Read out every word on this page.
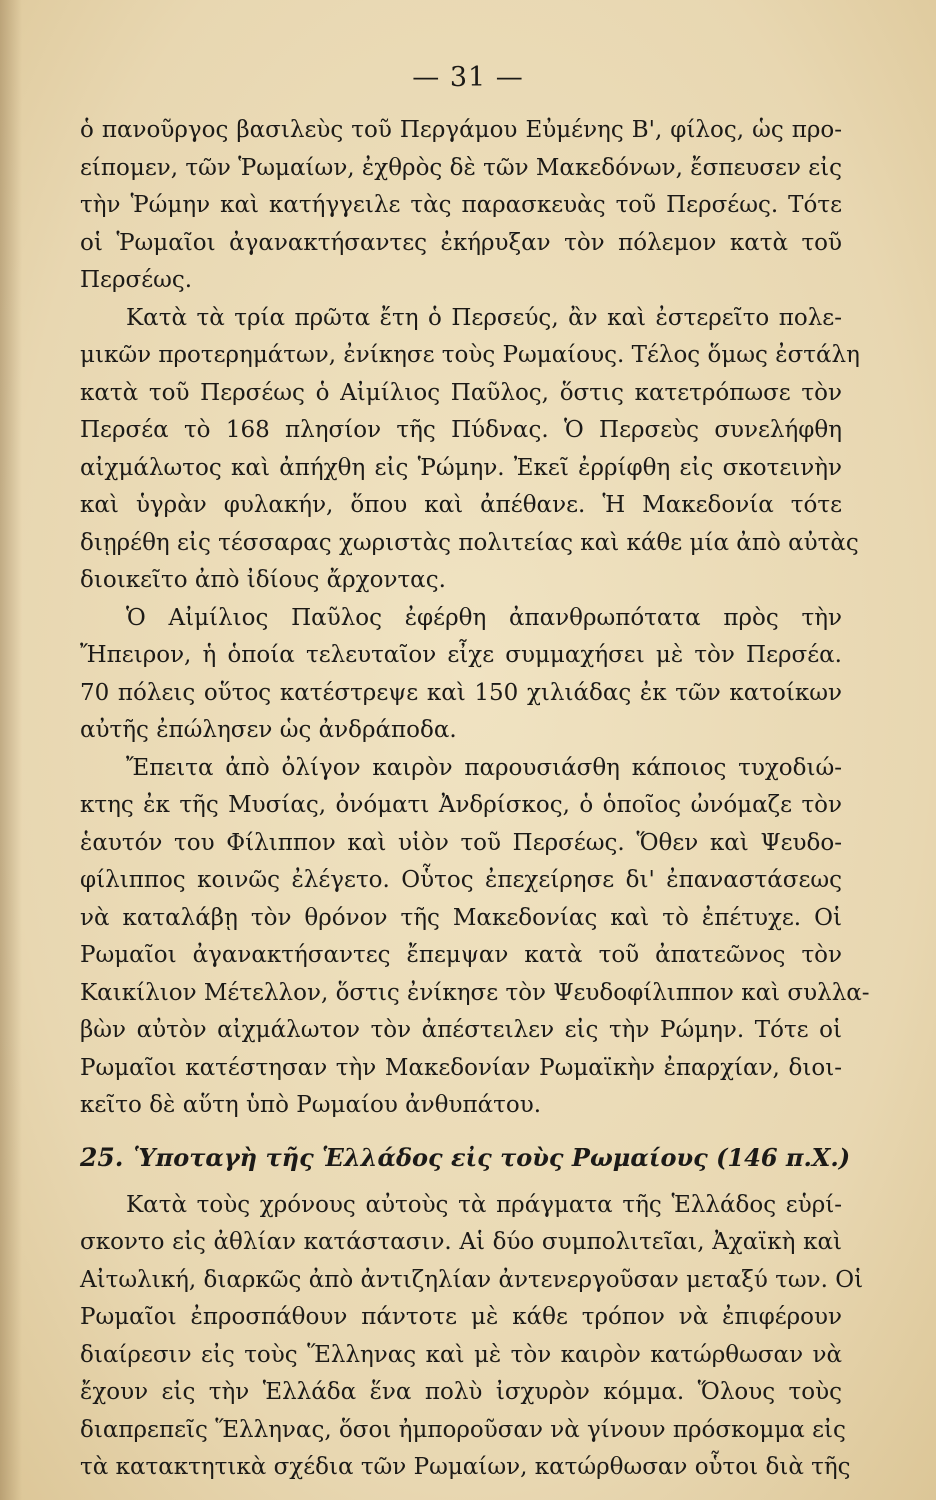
— 31 —
ὁ πανοῦργος βασιλεὺς τοῦ Περγάμου Εὐμένης Β', φίλος, ὡς προ-
είπομεν, τῶν Ῥωμαίων, ἐχθρὸς δὲ τῶν Μακεδόνων, ἔσπευσεν εἰς
τὴν Ῥώμην καὶ κατήγγειλε τὰς παρασκευὰς τοῦ Περσέως. Τότε
οἱ Ῥωμαῖοι ἀγανακτήσαντες ἐκήρυξαν τὸν πόλεμον κατὰ τοῦ
Περσέως.
Κατὰ τὰ τρία πρῶτα ἔτη ὁ Περσεύς, ἂν καὶ ἐστερεῖτο πολε-
μικῶν προτερημάτων, ἐνίκησε τοὺς Ρωμαίους. Τέλος ὅμως ἐστάλη
κατὰ τοῦ Περσέως ὁ Αἰμίλιος Παῦλος, ὅστις κατετρόπωσε τὸν
Περσέα τὸ 168 πλησίον τῆς Πύδνας. Ὁ Περσεὺς συνελήφθη
αἰχμάλωτος καὶ ἀπήχθη εἰς Ῥώμην. Ἐκεῖ ἐρρίφθη εἰς σκοτεινὴν
καὶ ὑγρὰν φυλακήν, ὅπου καὶ ἀπέθανε. Ἡ Μακεδονία τότε
διῃρέθη εἰς τέσσαρας χωριστὰς πολιτείας καὶ κάθε μία ἀπὸ αὐτὰς
διοικεῖτο ἀπὸ ἰδίους ἄρχοντας.
Ὁ Αἰμίλιος Παῦλος ἐφέρθη ἀπανθρωπότατα πρὸς τὴν
Ἤπειρον, ἡ ὁποία τελευταῖον εἶχε συμμαχήσει μὲ τὸν Περσέα.
70 πόλεις οὕτος κατέστρεψε καὶ 150 χιλιάδας ἐκ τῶν κατοίκων
αὐτῆς ἐπώλησεν ὡς ἀνδράποδα.
Ἔπειτα ἀπὸ ὀλίγον καιρὸν παρουσιάσθη κάποιος τυχοδιώ-
κτης ἐκ τῆς Μυσίας, ὀνόματι Ἀνδρίσκος, ὁ ὁποῖος ὠνόμαζε τὸν
ἑαυτόν του Φίλιππον καὶ υἱὸν τοῦ Περσέως. Ὅθεν καὶ Ψευδο-
φίλιππος κοινῶς ἐλέγετο. Οὗτος ἐπεχείρησε δι' ἐπαναστάσεως
νὰ καταλάβῃ τὸν θρόνον τῆς Μακεδονίας καὶ τὸ ἐπέτυχε. Οἱ
Ρωμαῖοι ἀγανακτήσαντες ἔπεμψαν κατὰ τοῦ ἀπατεῶνος τὸν
Καικίλιον Μέτελλον, ὅστις ἐνίκησε τὸν Ψευδοφίλιππον καὶ συλλα-
βὼν αὐτὸν αἰχμάλωτον τὸν ἀπέστειλεν εἰς τὴν Ρώμην. Τότε οἱ
Ρωμαῖοι κατέστησαν τὴν Μακεδονίαν Ρωμαϊκὴν ἐπαρχίαν, διοι-
κεῖτο δὲ αὕτη ὑπὸ Ρωμαίου ἀνθυπάτου.
25. Ὑποταγὴ τῆς Ἑλλάδος εἰς τοὺς Ρωμαίους (146 π.Χ.)
Κατὰ τοὺς χρόνους αὐτοὺς τὰ πράγματα τῆς Ἑλλάδος εὑρί-
σκοντο εἰς ἀθλίαν κατάστασιν. Αἱ δύο συμπολιτεῖαι, Ἀχαϊκὴ καὶ
Αἰτωλική, διαρκῶς ἀπὸ ἀντιζηλίαν ἀντενεργοῦσαν μεταξύ των. Οἱ
Ρωμαῖοι ἐπροσπάθουν πάντοτε μὲ κάθε τρόπον νὰ ἐπιφέρουν
διαίρεσιν εἰς τοὺς Ἕλληνας καὶ μὲ τὸν καιρὸν κατώρθωσαν νὰ
ἔχουν εἰς τὴν Ἑλλάδα ἕνα πολὺ ἰσχυρὸν κόμμα. Ὅλους τοὺς
διαπρεπεῖς Ἕλληνας, ὅσοι ἠμποροῦσαν νὰ γίνουν πρόσκομμα εἰς
τὰ κατακτητικὰ σχέδια τῶν Ρωμαίων, κατώρθωσαν οὗτοι διὰ τῆς
